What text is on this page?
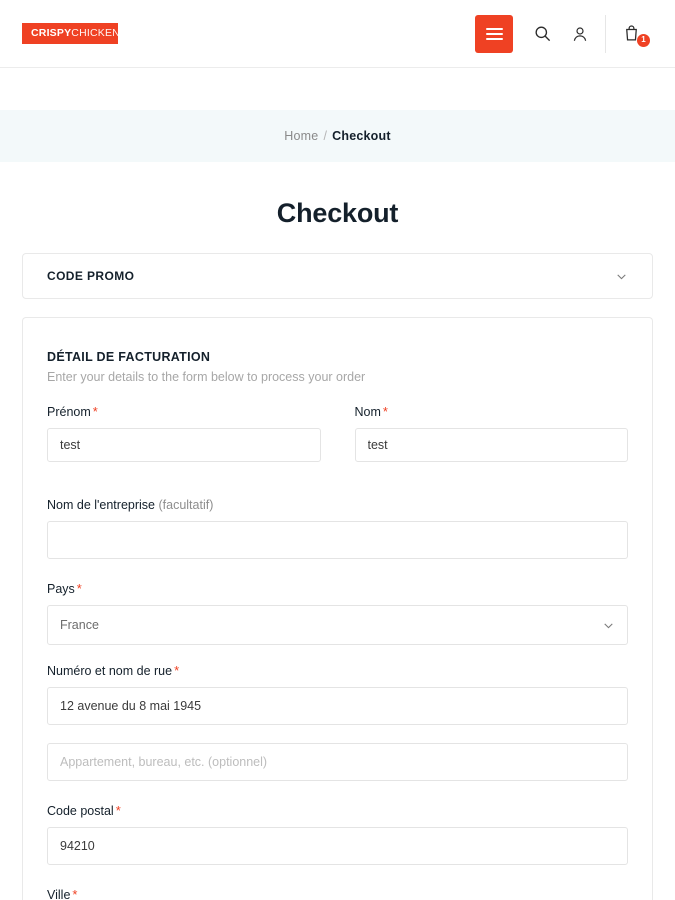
CRISPYCHICKEN
1
Home / Checkout
Checkout
CODE PROMO
DÉTAIL DE FACTURATION
Enter your details to the form below to process your order
Prénom *
test	Nom *
test
Nom de l'entreprise (facultatif)
Pays *
France
Numéro et nom de rue *
12 avenue du 8 mai 1945
Appartement, bureau, etc. (optionnel)
Code postal *
94210
Ville *
